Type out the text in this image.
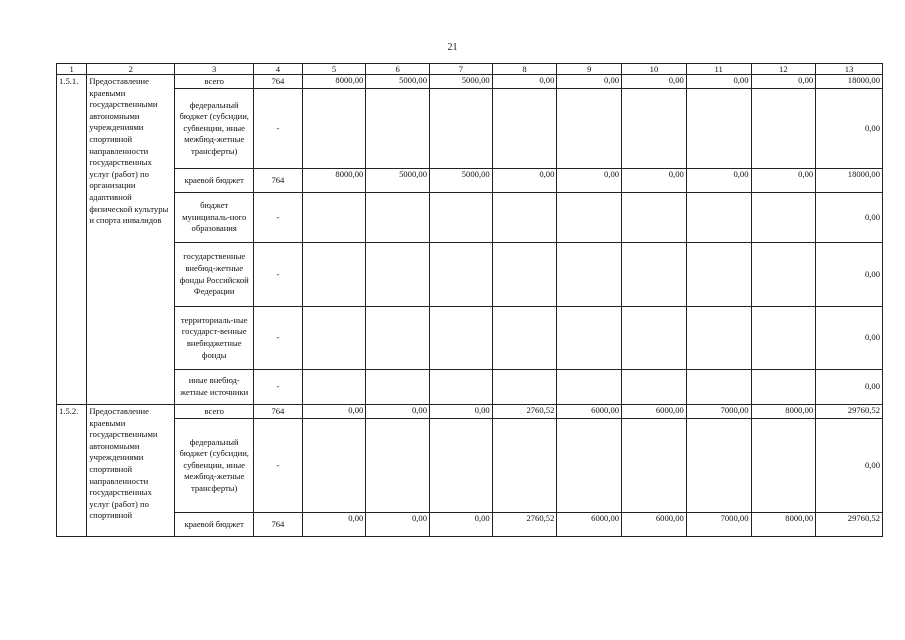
21
1	2	3	4	5	6	7	8	9	10	11	12	13
1.5.1.	Предоставление краевыми государственными автономными учреждениями спортивной направленности государственных услуг (работ) по организации адаптивной физической культуры и спорта инвалидов	всего	764	8000,00	5000,00	5000,00	0,00	0,00	0,00	0,00	0,00	18000,00
		федеральный бюджет (субсидии, субвенции, иные межбюд-жетные трансферты)	-									0,00
		краевой бюджет	764	8000,00	5000,00	5000,00	0,00	0,00	0,00	0,00	0,00	18000,00
		бюджет муниципаль-ного образования	-									0,00
		государственные внебюд-жетные фонды Российской Федерации	-									0,00
		территориаль-ные государст-венные внебюджетные фонды	-									0,00
		иные внебюд-жетные источники	-									0,00
1.5.2.	Предоставление краевыми государственными автономными учреждениями спортивной направленности государственных услуг (работ) по спортивной	всего	764	0,00	0,00	0,00	2760,52	6000,00	6000,00	7000,00	8000,00	29760,52
		федеральный бюджет (субсидии, субвенции, иные межбюд-жетные трансферты)	-									0,00
		краевой бюджет	764	0,00	0,00	0,00	2760,52	6000,00	6000,00	7000,00	8000,00	29760,52
